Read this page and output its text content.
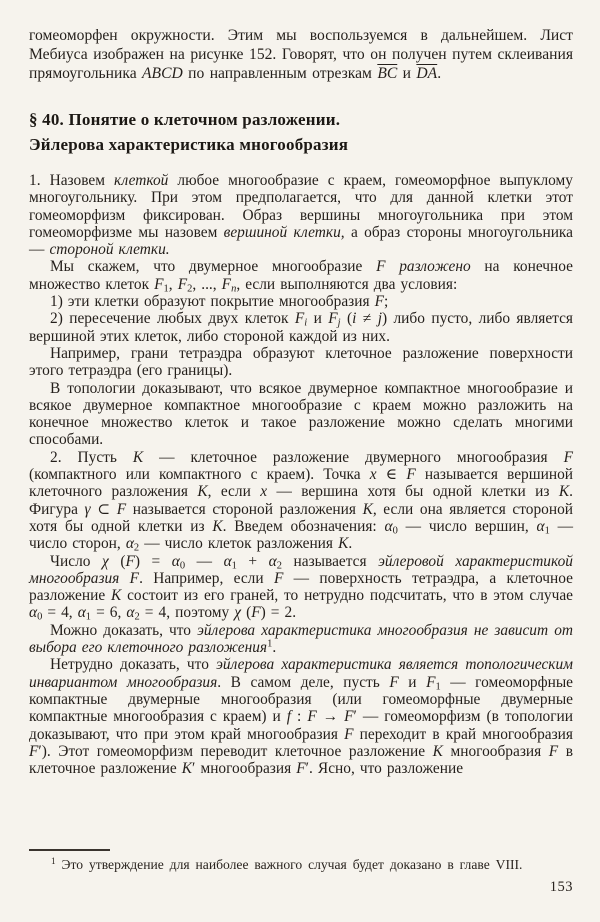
гомеоморфен окружности. Этим мы воспользуемся в дальнейшем. Лист Мебиуса изображен на рисунке 152. Говорят, что он получен путем склеивания прямоугольника ABCD по направленным отрезкам $\overline{BC}$ и $\overline{DA}$.

§ 40. Понятие о клеточном разложении.
Эйлерова характеристика многообразия

1. Назовем клеткой любое многообразие с краем, гомеоморфное выпуклому многоугольнику. При этом предполагается, что для данной клетки этот гомеоморфизм фиксирован. Образ вершины многоугольника при этом гомеоморфизме мы назовем вершиной клетки, а образ стороны многоугольника — стороной клетки.

Мы скажем, что двумерное многообразие F разложено на конечное множество клеток $F_1$, $F_2$, ..., $F_n$, если выполняются два условия:

1) эти клетки образуют покрытие многообразия F;

2) пересечение любых двух клеток $F_i$ и $F_j$ (i ≠ j) либо пусто, либо является вершиной этих клеток, либо стороной каждой из них.

Например, грани тетраэдра образуют клеточное разложение поверхности этого тетраэдра (его границы).

В топологии доказывают, что всякое двумерное компактное многообразие и всякое двумерное компактное многообразие с краем можно разложить на конечное множество клеток и такое разложение можно сделать многими способами.

2. Пусть K — клеточное разложение двумерного многообразия F (компактного или компактного с краем). Точка x ∈ F называется вершиной клеточного разложения K, если x — вершина хотя бы одной клетки из K. Фигура γ ⊂ F называется стороной разложения K, если она является стороной хотя бы одной клетки из K. Введем обозначения: $\alpha_0$ — число вершин, $\alpha_1$ — число сторон, $\alpha_2$ — число клеток разложения K.

Число χ $(F) = \alpha_0$ — $\alpha_1 + \alpha_2$ называется эйлеровой характеристикой многообразия F. Например, если F — поверхность тетраэдра, а клеточное разложение K состоит из его граней, то нетрудно подсчитать, что в этом случае $\alpha_0 = 4$, $\alpha_1 = 6$, $\alpha_2 = 4$, поэтому χ (F) = 2.

Можно доказать, что эйлерова характеристика многообразия не зависит от выбора его клеточного разложения$^1$.

Нетрудно доказать, что эйлерова характеристика является топологическим инвариантом многообразия. В самом деле, пусть F и $F_1$ — гомеоморфные компактные двумерные многообразия (или гомеоморфные двумерные компактные многообразия с краем) и f : F → F′ — гомеоморфизм (в топологии доказывают, что при этом край многообразия F переходит в край многообразия F′). Этот гомеоморфизм переводит клеточное разложение K многообразия F в клеточное разложение K′ многообразия F′. Ясно, что разложение

$^1$ Это утверждение для наиболее важного случая будет доказано в главе VIII.

153
